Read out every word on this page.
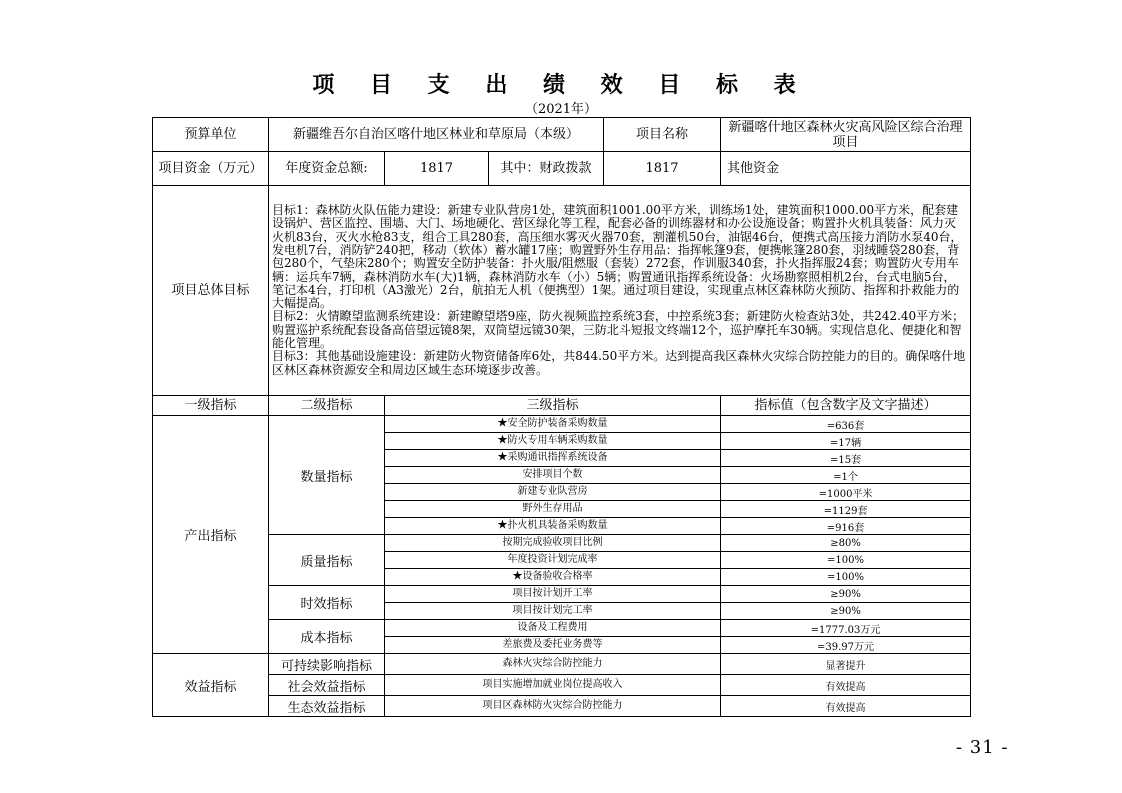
项 目 支 出 绩 效 目 标 表
（2021年）
预算单位	新疆维吾尔自治区喀什地区林业和草原局（本级）			项目名称	新疆喀什地区森林火灾高风险区综合治理项目
项目资金（万元）	年度资金总额:	1817	其中：财政拨款	1817	其他资金
项目总体目标	目标1：森林防火队伍能力建设：新建专业队营房1处，建筑面积1001.00平方米，训练场1处，建筑面积1000.00平方米，配套建设锅炉、营区监控、围墙、大门、场地硬化、营区绿化等工程，配套必备的训练器材和办公设施设备；购置扑火机具装备：风力灭火机83台，灭火水枪83支，组合工具280套，高压细水雾灭火器70套，割灌机50台，油锯46台，便携式高压接力消防水泵40台，发电机7台，消防铲240把，移动（软体）蓄水罐17座；购置野外生存用品：指挥帐篷9套，便携帐篷280套，羽绒睡袋280套，背包280个，气垫床280个；购置安全防护装备：扑火服/阻燃服（套装）272套，作训服340套，扑火指挥服24套；购置防火专用车辆：运兵车7辆，森林消防水车(大)1辆，森林消防水车（小）5辆；购置通讯指挥系统设备：火场勘察照相机2台，台式电脑5台，笔记本4台，打印机（A3激光）2台，航拍无人机（便携型）1架。通过项目建设，实现重点林区森林防火预防、指挥和扑救能力的大幅提高。
目标2：火情瞭望监测系统建设：新建瞭望塔9座，防火视频监控系统3套，中控系统3套；新建防火检查站3处，共242.40平方米；购置巡护系统配套设备高倍望远镜8架，双筒望远镜30架，三防北斗短报文终端12个，巡护摩托车30辆。实现信息化、便捷化和智能化管理。
目标3：其他基础设施建设：新建防火物资储备库6处，共844.50平方米。达到提高我区森林火灾综合防控能力的目的。确保喀什地区林区森林资源安全和周边区域生态环境逐步改善。				
一级指标	二级指标	三级指标			指标值（包含数字及文字描述）
产出指标	数量指标	★安全防护装备采购数量			=636套
		★防火专用车辆采购数量			=17辆
		★采购通讯指挥系统设备			=15套
		安排项目个数			=1个
		新建专业队营房			=1000平米
		野外生存用品			=1129套
		★扑火机具装备采购数量			=916套
	质量指标	按期完成验收项目比例			≥80%
		年度投资计划完成率			=100%
		★设备验收合格率			=100%
	时效指标	项目按计划开工率			≥90%
		项目按计划完工率			≥90%
	成本指标	设备及工程费用			=1777.03万元
		差旅费及委托业务费等			=39.97万元
效益指标	可持续影响指标	森林火灾综合防控能力			显著提升
	社会效益指标	项目实施增加就业岗位提高收入			有效提高
	生态效益指标	项目区森林防火灾综合防控能力			有效提高
- 31 -
